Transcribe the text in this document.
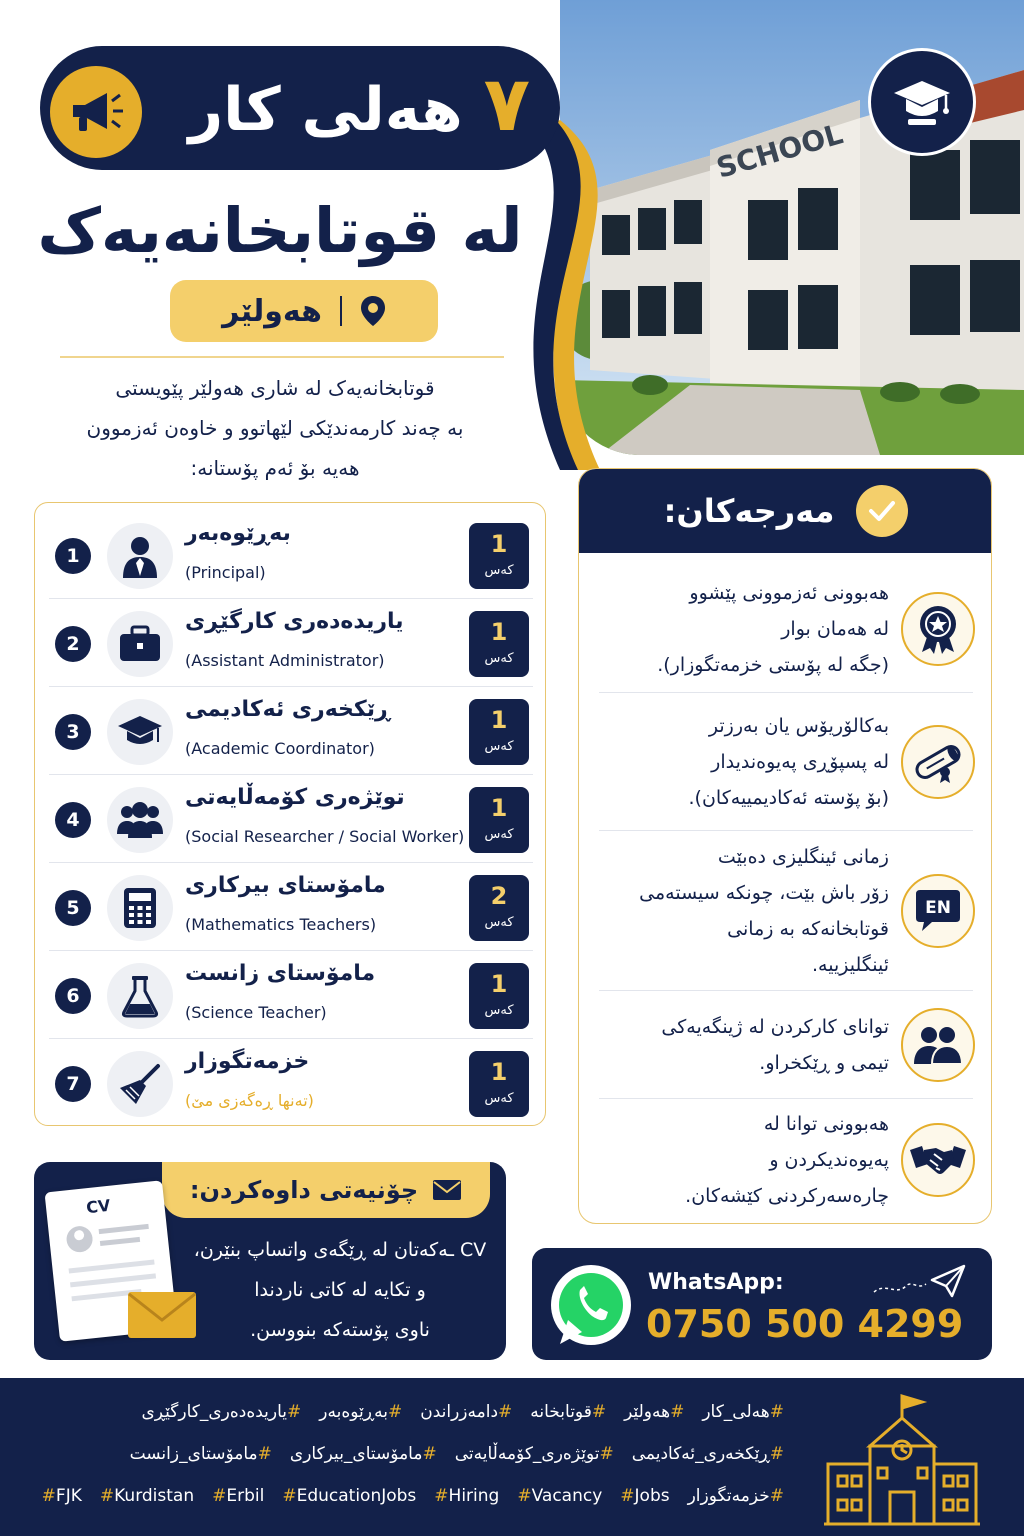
SCHOOL
٧ هەلی کار
لە قوتابخانەیەک
هەولێر
قوتابخانەیەک لە شاری هەولێر پێویستی
بە چەند کارمەندێکی لێهاتوو و خاوەن ئەزموون
هەیە بۆ ئەم پۆستانە:
1
بەڕێوەبەر
(Principal)
1
کەس
2
یاریدەدەری کارگێڕی
(Assistant Administrator)
1
کەس
3
ڕێکخەری ئەکادیمی
(Academic Coordinator)
1
کەس
4
توێژەری کۆمەڵایەتی
(Social Researcher / Social Worker)
1
کەس
5
مامۆستای بیرکاری
(Mathematics Teachers)
2
کەس
6
مامۆستای زانست
(Science Teacher)
1
کەس
7
خزمەتگوزار
(تەنها ڕەگەزی مێ)
1
کەس
مەرجەکان:
هەبوونی ئەزموونی پێشوو
لە هەمان بوار
(جگە لە پۆستی خزمەتگوزار).
بەکالۆریۆس یان بەرزتر
لە پسپۆڕی پەیوەندیدار
(بۆ پۆستە ئەکادیمییەکان).
زمانی ئینگلیزی دەبێت
زۆر باش بێت، چونکە سیستەمی
قوتابخانەکە بە زمانی
ئینگلیزییە.
EN
توانای کارکردن لە ژینگەیەکی
تیمی و ڕێکخراو.
هەبوونی توانا لە
پەیوەندیکردن و
چارەسەرکردنی کێشەکان.
چۆنیەتی داوەکردن:
CV
CV ـەکەتان لە ڕێگەی واتساپ بنێرن،
و تکایە لە کاتی ناردندا
ناوی پۆستەکە بنووسن.
WhatsApp:
0750 500 4299
#هەلی_کار#هەولێر#قوتابخانە#دامەزراندن#بەڕێوەبەر#یاریدەدەری_کارگێڕی
#ڕێکخەری_ئەکادیمی#توێژەری_کۆمەڵایەتی#مامۆستای_بیرکاری#مامۆستای_زانست
#خزمەتگوزار#Jobs#Vacancy#Hiring#EducationJobs#Erbil#Kurdistan#FJK
